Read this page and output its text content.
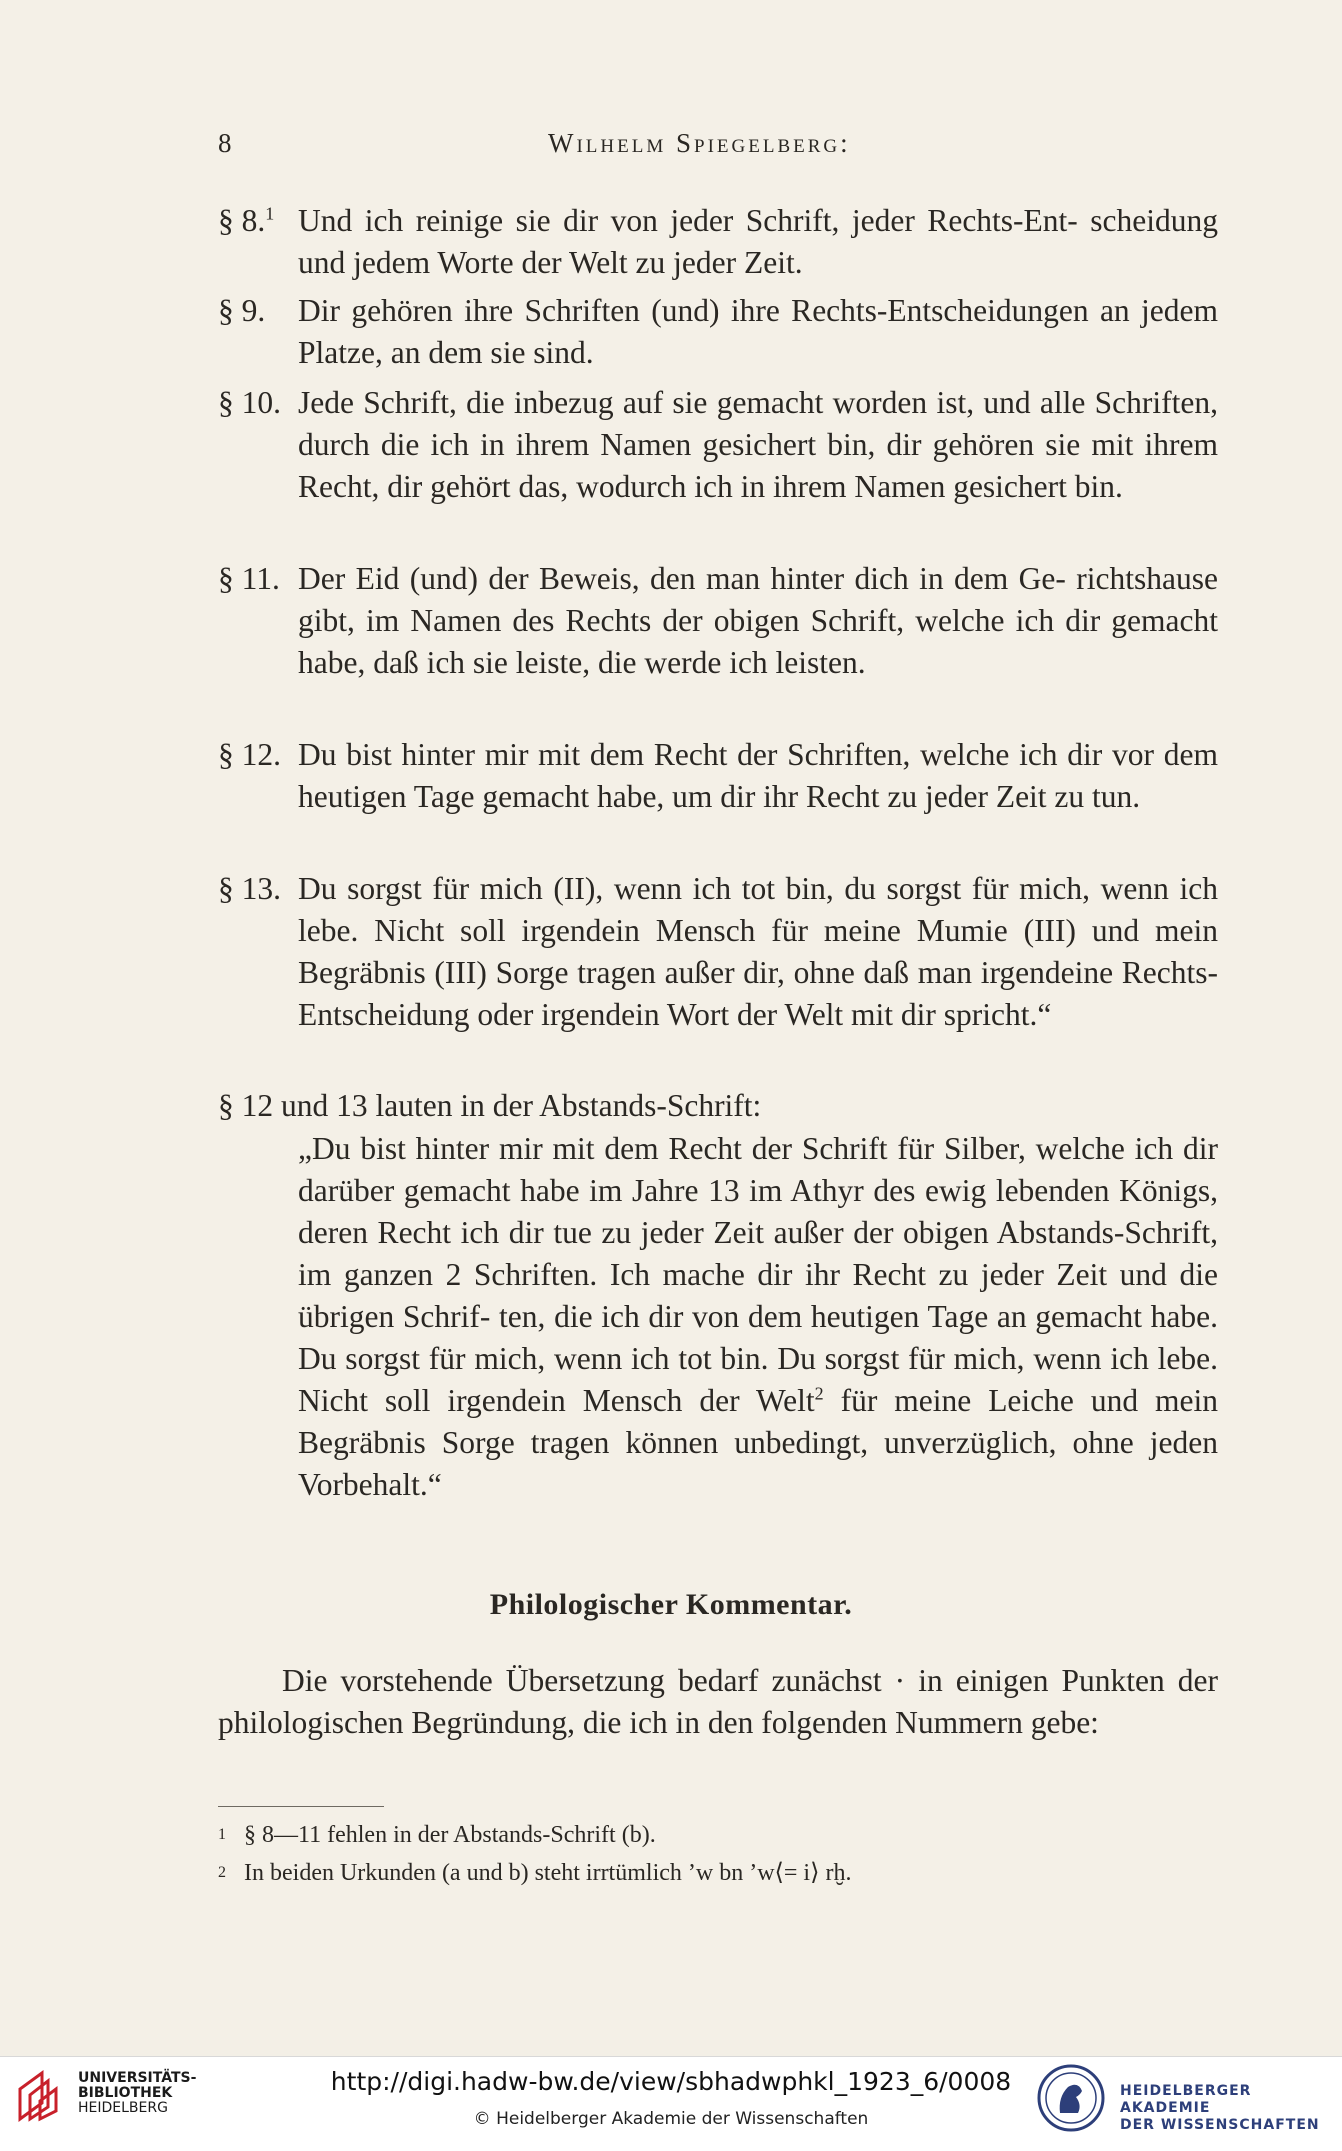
8	Wilhelm Spiegelberg:
§ 8.$^1$ Und ich reinige sie dir von jeder Schrift, jeder Rechts-Ent- scheidung und jedem Worte der Welt zu jeder Zeit.
§ 9. Dir gehören ihre Schriften (und) ihre Rechts-Entscheidungen an jedem Platze, an dem sie sind.
§ 10. Jede Schrift, die inbezug auf sie gemacht worden ist, und alle Schriften, durch die ich in ihrem Namen gesichert bin, dir gehören sie mit ihrem Recht, dir gehört das, wodurch ich in ihrem Namen gesichert bin.
§ 11. Der Eid (und) der Beweis, den man hinter dich in dem Ge- richtshause gibt, im Namen des Rechts der obigen Schrift, welche ich dir gemacht habe, daß ich sie leiste, die werde ich leisten.
§ 12. Du bist hinter mir mit dem Recht der Schriften, welche ich dir vor dem heutigen Tage gemacht habe, um dir ihr Recht zu jeder Zeit zu tun.
§ 13. Du sorgst für mich (II), wenn ich tot bin, du sorgst für mich, wenn ich lebe. Nicht soll irgendein Mensch für meine Mumie (III) und mein Begräbnis (III) Sorge tragen außer dir, ohne daß man irgendeine Rechts-Entscheidung oder irgendein Wort der Welt mit dir spricht.“
§ 12 und 13 lauten in der Abstands-Schrift:
„Du bist hinter mir mit dem Recht der Schrift für Silber, welche ich dir darüber gemacht habe im Jahre 13 im Athyr des ewig lebenden Königs, deren Recht ich dir tue zu jeder Zeit außer der obigen Abstands-Schrift, im ganzen 2 Schriften. Ich mache dir ihr Recht zu jeder Zeit und die übrigen Schrif- ten, die ich dir von dem heutigen Tage an gemacht habe. Du sorgst für mich, wenn ich tot bin. Du sorgst für mich, wenn ich lebe. Nicht soll irgendein Mensch der Welt$^2$ für meine Leiche und mein Begräbnis Sorge tragen können unbedingt, unverzüglich, ohne jeden Vorbehalt.“
Philologischer Kommentar.
Die vorstehende Übersetzung bedarf zunächst · in einigen Punkten der philologischen Begründung, die ich in den folgenden Nummern gebe:
1 § 8—11 fehlen in der Abstands-Schrift (b).
2 In beiden Urkunden (a und b) steht irrtümlich ’w bn ’w⟨= i⟩ rḫ.
UNIVERSITÄTS-
BIBLIOTHEK
HEIDELBERG
http://digi.hadw-bw.de/view/sbhadwphkl_1923_6/0008
© Heidelberger Akademie der Wissenschaften
HEIDELBERGER AKADEMIE
DER WISSENSCHAFTEN
